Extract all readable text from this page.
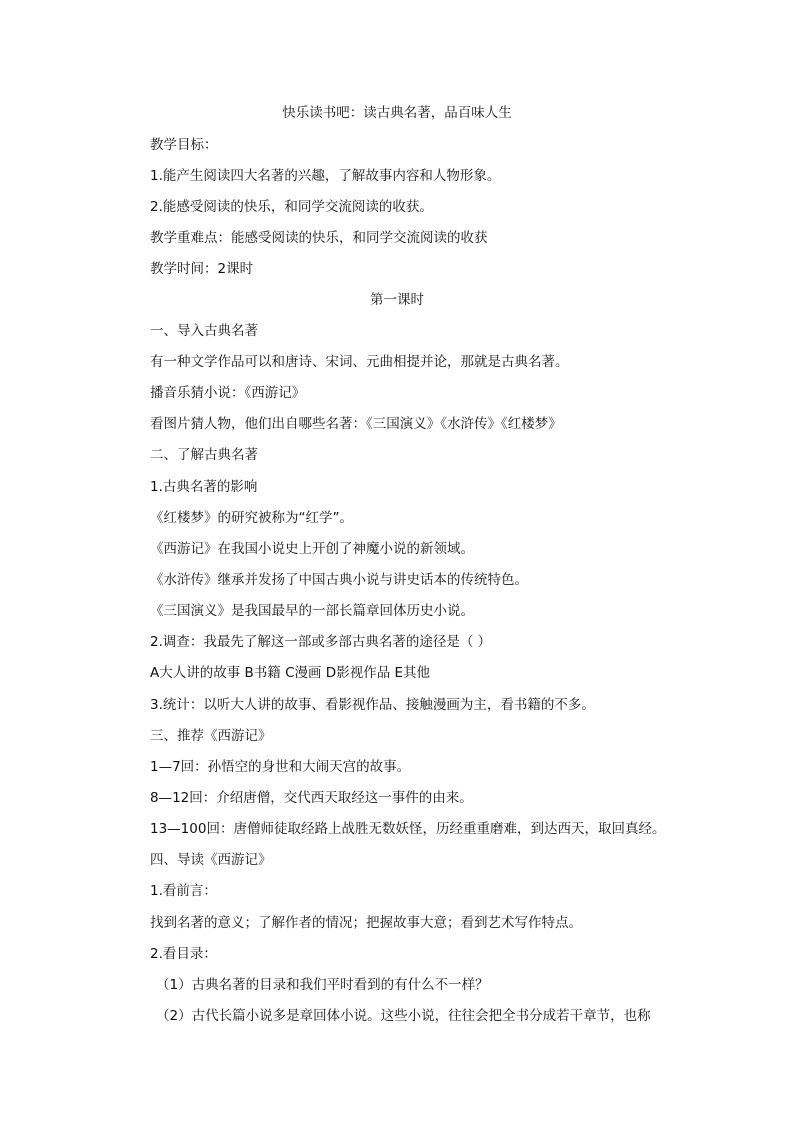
快乐读书吧：读古典名著，品百味人生
教学目标：
1.能产生阅读四大名著的兴趣，了解故事内容和人物形象。
2.能感受阅读的快乐，和同学交流阅读的收获。
教学重难点：能感受阅读的快乐，和同学交流阅读的收获
教学时间：2课时
第一课时
一、导入古典名著
有一种文学作品可以和唐诗、宋词、元曲相提并论，那就是古典名著。
播音乐猜小说：《西游记》
看图片猜人物，他们出自哪些名著：《三国演义》《水浒传》《红楼梦》
二、了解古典名著
1.古典名著的影响
《红楼梦》的研究被称为“红学”。
《西游记》在我国小说史上开创了神魔小说的新领域。
《水浒传》继承并发扬了中国古典小说与讲史话本的传统特色。
《三国演义》是我国最早的一部长篇章回体历史小说。
2.调查：我最先了解这一部或多部古典名著的途径是（ ）
A大人讲的故事 B书籍 C漫画 D影视作品 E其他
3.统计：以听大人讲的故事、看影视作品、接触漫画为主，看书籍的不多。
三、推荐《西游记》
1—7回：孙悟空的身世和大闹天宫的故事。
8—12回：介绍唐僧，交代西天取经这一事件的由来。
13—100回：唐僧师徒取经路上战胜无数妖怪，历经重重磨难，到达西天，取回真经。
四、导读《西游记》
1.看前言：
找到名著的意义；了解作者的情况；把握故事大意；看到艺术写作特点。
2.看目录：
（1）古典名著的目录和我们平时看到的有什么不一样？
（2）古代长篇小说多是章回体小说。这些小说，往往会把全书分成若干章节，也称
